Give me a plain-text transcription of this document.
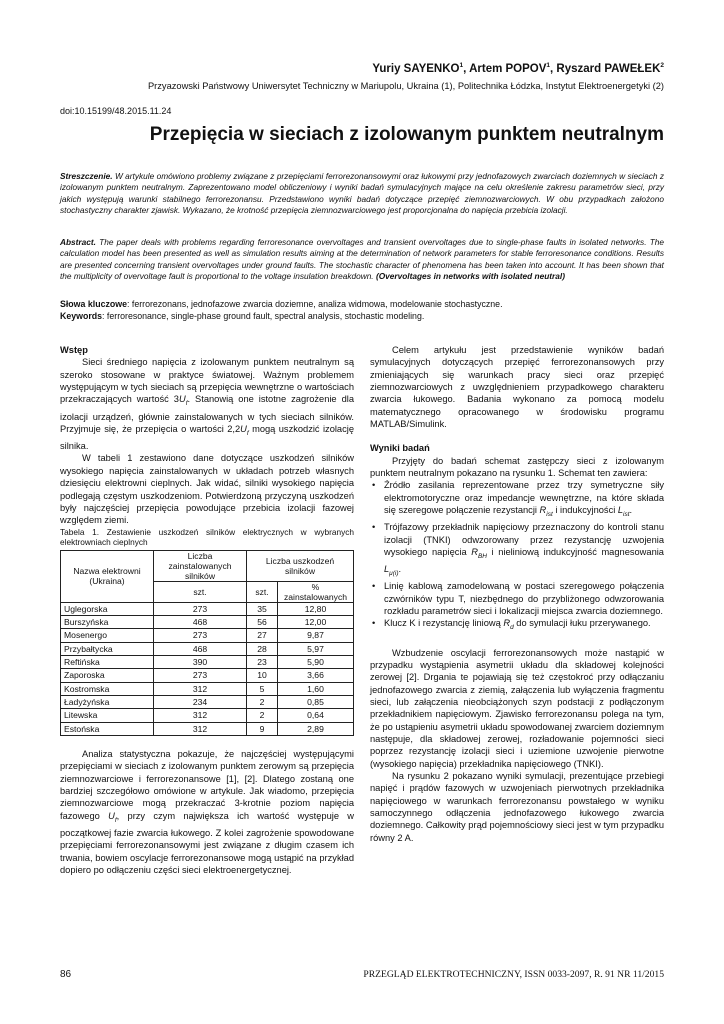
Yuriy SAYENKO$^1$, Artem POPOV$^1$, Ryszard PAWEŁEK$^2$
Przyazowski Państwowy Uniwersytet Techniczny w Mariupolu, Ukraina (1), Politechnika Łódzka, Instytut Elektroenergetyki (2)
doi:10.15199/48.2015.11.24
Przepięcia w sieciach z izolowanym punktem neutralnym
Streszczenie. W artykule omówiono problemy związane z przepięciami ferrorezonansowymi oraz łukowymi przy jednofazowych zwarciach doziemnych w sieciach z izolowanym punktem neutralnym. Zaprezentowano model obliczeniowy i wyniki badań symulacyjnych mające na celu określenie zakresu parametrów sieci, przy jakich występują warunki stabilnego ferrorezonansu. Przedstawiono wyniki badań dotyczące przepięć ziemnozwarciowych. W obu przypadkach założono stochastyczny charakter zjawisk. Wykazano, że krotność przepięcia ziemnozwarciowego jest proporcjonalna do napięcia przebicia izolacji.
Abstract. The paper deals with problems regarding ferroresonance overvoltages and transient overvoltages due to single-phase faults in isolated networks. The calculation model has been presented as well as simulation results aiming at the determination of network parameters for stable ferroresonance conditions. Results are presented concerning transient overvoltages under ground faults. The stochastic character of phenomena has been taken into account. It has been shown that the multiplicity of overvoltage fault is proportional to the voltage insulation breakdown. (Overvoltages in networks with isolated neutral)
Słowa kluczowe: ferrorezonans, jednofazowe zwarcia doziemne, analiza widmowa, modelowanie stochastyczne.
Keywords: ferroresonance, single-phase ground fault, spectral analysis, stochastic modeling.

Wstęp

Sieci średniego napięcia z izolowanym punktem neutralnym są szeroko stosowane w praktyce światowej. Ważnym problemem występującym w tych sieciach są przepięcia wewnętrzne o wartościach przekraczających wartość $3U_f$. Stanowią one istotne zagrożenie dla izolacji urządzeń, głównie zainstalowanych w tych sieciach silników. Przyjmuje się, że przepięcia o wartości $2,2U_f$ mogą uszkodzić izolację silnika.

W tabeli 1 zestawiono dane dotyczące uszkodzeń silników wysokiego napięcia zainstalowanych w układach potrzeb własnych dziesięciu elektrowni cieplnych. Jak widać, silniki wysokiego napięcia podlegają częstym uszkodzeniom. Potwierdzoną przyczyną uszkodzeń były najczęściej przepięcia powodujące przebicia izolacji fazowej względem ziemi.

Tabela 1. Zestawienie uszkodzeń silników elektrycznych w wybranych elektrowniach cieplnych

Nazwa elektrowni (Ukraina)	Liczba zainstalowanych silników	Liczba uszkodzeń silników	
	szt.	szt.	% zainstalowanych
Uglegorska	273	35	12,80
Burszyńska	468	56	12,00
Mosenergo	273	27	9,87
Przybałtycka	468	28	5,97
Reftińska	390	23	5,90
Zaporoska	273	10	3,66
Kostromska	312	5	1,60
Ładyżyńska	234	2	0,85
Litewska	312	2	0,64
Estońska	312	9	2,89

Analiza statystyczna pokazuje, że najczęściej występującymi przepięciami w sieciach z izolowanym punktem zerowym są przepięcia ziemnozwarciowe i ferrorezonansowe [1], [2]. Dlatego zostaną one bardziej szczegółowo omówione w artykule. Jak wiadomo, przepięcia ziemnozwarciowe mogą przekraczać 3-krotnie poziom napięcia fazowego $U_f$, przy czym największa ich wartość występuje w początkowej fazie zwarcia łukowego. Z kolei zagrożenie spowodowane przepięciami ferrorezonansowymi jest związane z długim czasem ich trwania, bowiem oscylacje ferrorezonansowe mogą ustąpić na przykład dopiero po odłączeniu części sieci elektroenergetycznej.

Celem artykułu jest przedstawienie wyników badań symulacyjnych dotyczących przepięć ferrorezonansowych przy zmieniających się warunkach pracy sieci oraz przepięć ziemnozwarciowych z uwzględnieniem przypadkowego charakteru zwarcia łukowego. Badania wykonano za pomocą modelu matematycznego opracowanego w środowisku programu MATLAB/Simulink.

Wyniki badań

Przyjęty do badań schemat zastępczy sieci z izolowanym punktem neutralnym pokazano na rysunku 1. Schemat ten zawiera:

• Źródło zasilania reprezentowane przez trzy symetryczne siły elektromotoryczne oraz impedancje wewnętrzne, na które składa się szeregowe połączenie rezystancji $R_{ist}$ i indukcyjności $L_{ist}$.
• Trójfazowy przekładnik napięciowy przeznaczony do kontroli stanu izolacji (TNKI) odwzorowany przez rezystancję uzwojenia wysokiego napięcia $R_{BH}$ i nieliniową indukcyjność magnesowania $L_{\mu(i)}$.
• Linię kablową zamodelowaną w postaci szeregowego połączenia czwórników typu T, niezbędnego do przybliżonego odwzorowania rozkładu parametrów sieci i lokalizacji miejsca zwarcia doziemnego.
• Klucz K i rezystancję liniową $R_d$ do symulacji łuku przerywanego.

Wzbudzenie oscylacji ferrorezonansowych może nastąpić w przypadku wystąpienia asymetrii układu dla składowej kolejności zerowej [2]. Drgania te pojawiają się też częstokroć przy odłączaniu jednofazowego zwarcia z ziemią, załączenia lub wyłączenia fragmentu sieci, lub załączenia nieobciążonych szyn podstacji z podłączonym przekładnikiem napięciowym. Zjawisko ferrorezonansu polega na tym, że po ustąpieniu asymetrii układu spowodowanej zwarciem doziemnym następuje, dla składowej zerowej, rozładowanie pojemności sieci poprzez rezystancję izolacji sieci i uziemione uzwojenie pierwotne (wysokiego napięcia) przekładnika napięciowego (TNKI).

Na rysunku 2 pokazano wyniki symulacji, prezentujące przebiegi napięć i prądów fazowych w uzwojeniach pierwotnych przekładnika napięciowego w warunkach ferrorezonansu powstałego w wyniku samoczynnego odłączenia jednofazowego łukowego zwarcia doziemnego. Całkowity prąd pojemnościowy sieci jest w tym przypadku równy 2 A.

86	PRZEGLĄD ELEKTROTECHNICZNY, ISSN 0033-2097, R. 91 NR 11/2015
